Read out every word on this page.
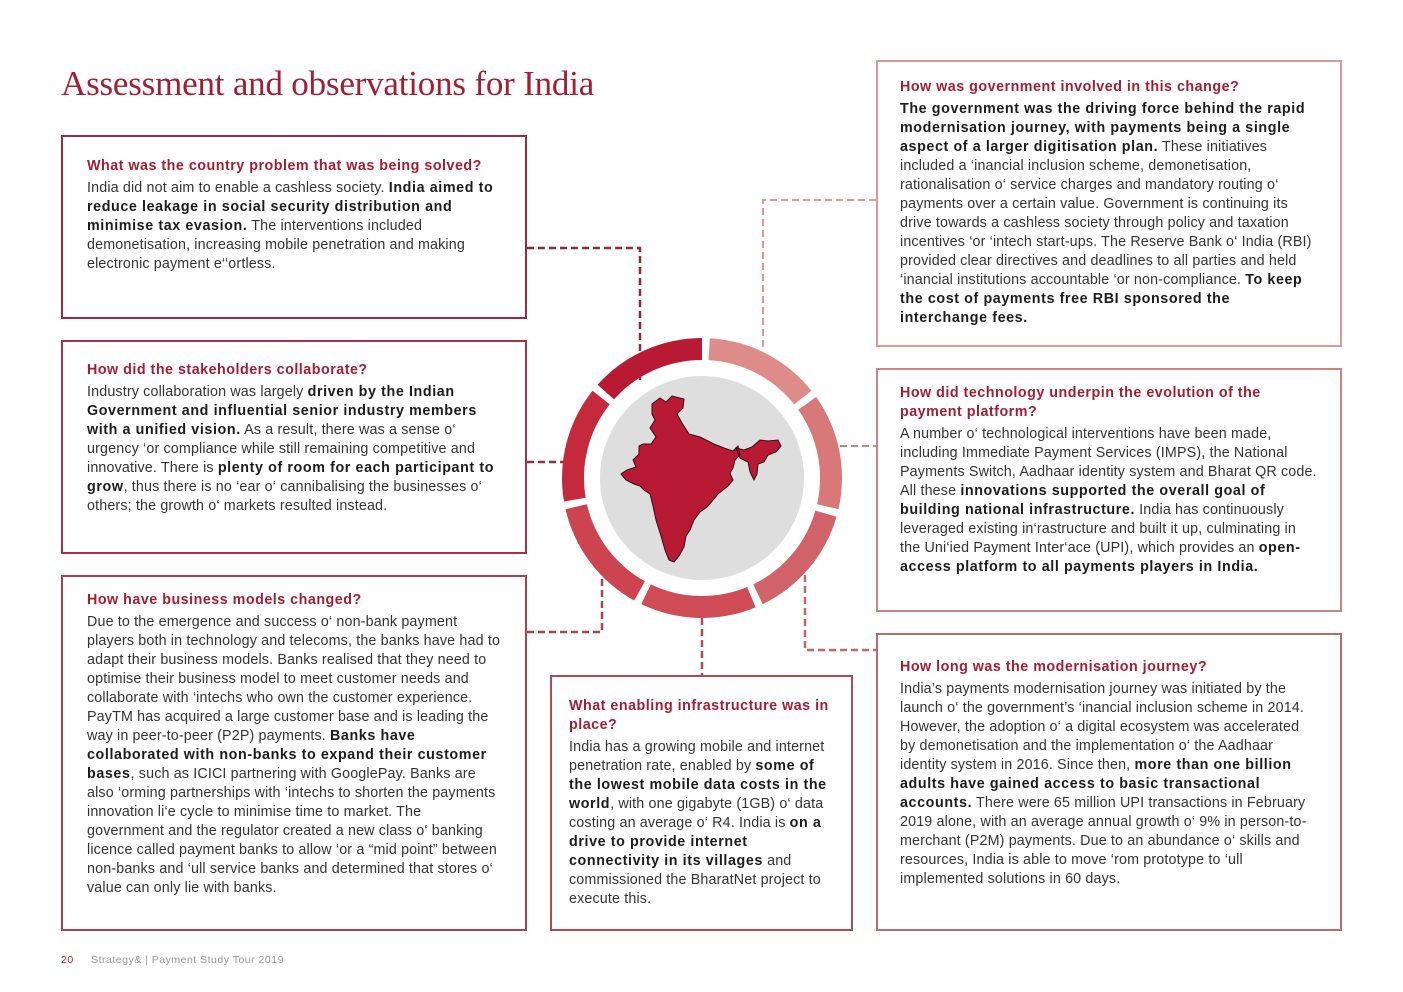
Assessment and observations for India
What was the country problem that was being solved?

India did not aim to enable a cashless society. India aimed to reduce leakage in social security distribution and minimise tax evasion. The interventions included demonetisation, increasing mobile penetration and making electronic payment e‘‘ortless.

How did the stakeholders collaborate?

Industry collaboration was largely driven by the Indian Government and influential senior industry members with a unified vision. As a result, there was a sense o‘ urgency ‘or compliance while still remaining competitive and innovative. There is plenty of room for each participant to grow, thus there is no ‘ear o‘ cannibalising the businesses o‘ others; the growth o‘ markets resulted instead.

How have business models changed?

Due to the emergence and success o‘ non-bank payment players both in technology and telecoms, the banks have had to adapt their business models. Banks realised that they need to optimise their business model to meet customer needs and collaborate with ‘intechs who own the customer experience. PayTM has acquired a large customer base and is leading the way in peer-to-peer (P2P) payments. Banks have collaborated with non-banks to expand their customer bases, such as ICICI partnering with GooglePay. Banks are also ‘orming partnerships with ‘intechs to shorten the payments innovation li‘e cycle to minimise time to market. The government and the regulator created a new class o‘ banking licence called payment banks to allow ‘or a “mid point” between non-banks and ‘ull service banks and determined that stores o‘ value can only lie with banks.

What enabling infrastructure was in place?

India has a growing mobile and internet penetration rate, enabled by some of the lowest mobile data costs in the world, with one gigabyte (1GB) o‘ data costing an average o‘ R4. India is on a drive to provide internet connectivity in its villages and commissioned the BharatNet project to execute this.

How was government involved in this change?

The government was the driving force behind the rapid modernisation journey, with payments being a single aspect of a larger digitisation plan. These initiatives included a ‘inancial inclusion scheme, demonetisation, rationalisation o‘ service charges and mandatory routing o‘ payments over a certain value. Government is continuing its drive towards a cashless society through policy and taxation incentives ‘or ‘intech start-ups. The Reserve Bank o‘ India (RBI) provided clear directives and deadlines to all parties and held ‘inancial institutions accountable ‘or non-compliance. To keep the cost of payments free RBI sponsored the interchange fees.

How did technology underpin the evolution of the payment platform?

A number o‘ technological interventions have been made, including Immediate Payment Services (IMPS), the National Payments Switch, Aadhaar identity system and Bharat QR code. All these innovations supported the overall goal of building national infrastructure. India has continuously leveraged existing in‘rastructure and built it up, culminating in the Uni‘ied Payment Inter‘ace (UPI), which provides an open-access platform to all payments players in India.

How long was the modernisation journey?

India’s payments modernisation journey was initiated by the launch o‘ the government’s ‘inancial inclusion scheme in 2014. However, the adoption o‘ a digital ecosystem was accelerated by demonetisation and the implementation o‘ the Aadhaar identity system in 2016. Since then, more than one billion adults have gained access to basic transactional accounts. There were 65 million UPI transactions in February 2019 alone, with an average annual growth o‘ 9% in person-to-merchant (P2M) payments. Due to an abundance o‘ skills and resources, India is able to move ‘rom prototype to ‘ull implemented solutions in 60 days.

20 Strategy& | Payment Study Tour 2019
